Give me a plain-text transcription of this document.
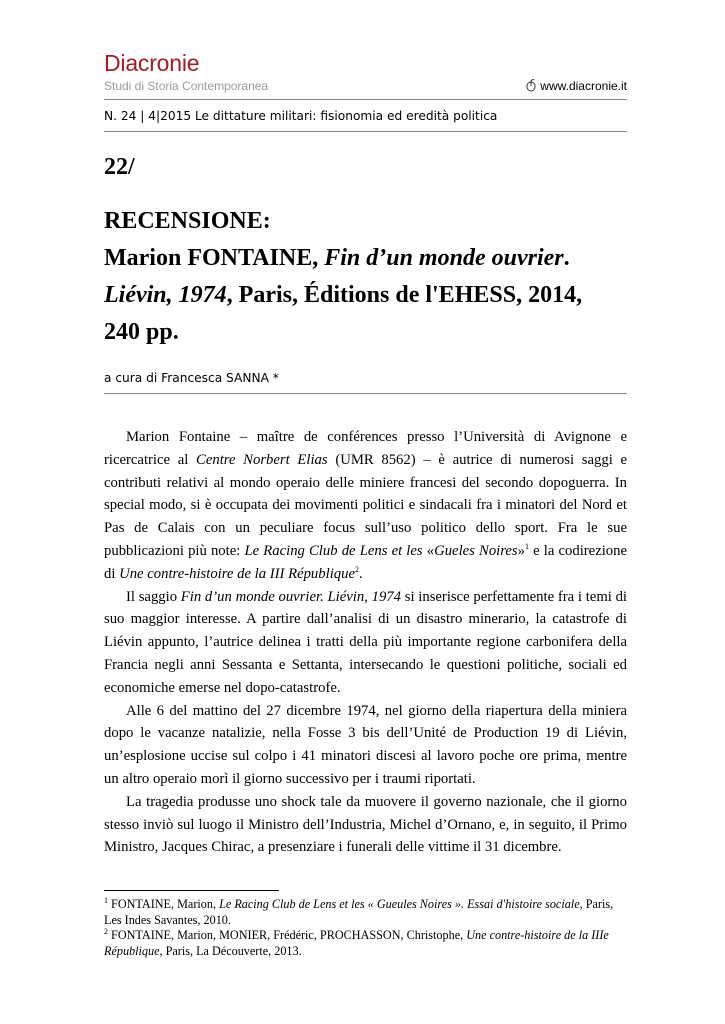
Diacronie
Studi di Storia Contemporanea	www.diacronie.it
N. 24 | 4|2015 Le dittature militari: fisionomia ed eredità politica
22/
RECENSIONE:
Marion FONTAINE, Fin d’un monde ouvrier.
Liévin, 1974, Paris, Éditions de l'EHESS, 2014,
240 pp.
a cura di Francesca SANNA *

Marion Fontaine – maître de conférences presso l’Università di Avignone e ricercatrice al Centre Norbert Elias (UMR 8562) – è autrice di numerosi saggi e contributi relativi al mondo operaio delle miniere francesi del secondo dopoguerra. In special modo, si è occupata dei movimenti politici e sindacali fra i minatori del Nord et Pas de Calais con un peculiare focus sull’uso politico dello sport. Fra le sue pubblicazioni più note: Le Racing Club de Lens et les «Gueles Noires»$^1$ e la codirezione di Une contre-histoire de la III République$^2$.

Il saggio Fin d’un monde ouvrier. Liévin, 1974 si inserisce perfettamente fra i temi di suo maggior interesse. A partire dall’analisi di un disastro minerario, la catastrofe di Liévin appunto, l’autrice delinea i tratti della più importante regione carbonifera della Francia negli anni Sessanta e Settanta, intersecando le questioni politiche, sociali ed economiche emerse nel dopo-catastrofe.

Alle 6 del mattino del 27 dicembre 1974, nel giorno della riapertura della miniera dopo le vacanze natalizie, nella Fosse 3 bis dell’Unité de Production 19 di Liévin, un’esplosione uccise sul colpo i 41 minatori discesi al lavoro poche ore prima, mentre un altro operaio morì il giorno successivo per i traumi riportati.

La tragedia produsse uno shock tale da muovere il governo nazionale, che il giorno stesso inviò sul luogo il Ministro dell’Industria, Michel d’Ornano, e, in seguito, il Primo Ministro, Jacques Chirac, a presenziare i funerali delle vittime il 31 dicembre.

$^1$ FONTAINE, Marion, Le Racing Club de Lens et les « Gueules Noires ». Essai d'histoire sociale, Paris, Les Indes Savantes, 2010.

$^2$ FONTAINE, Marion, MONIER, Frédéric, PROCHASSON, Christophe, Une contre-histoire de la IIIe République, Paris, La Découverte, 2013.
